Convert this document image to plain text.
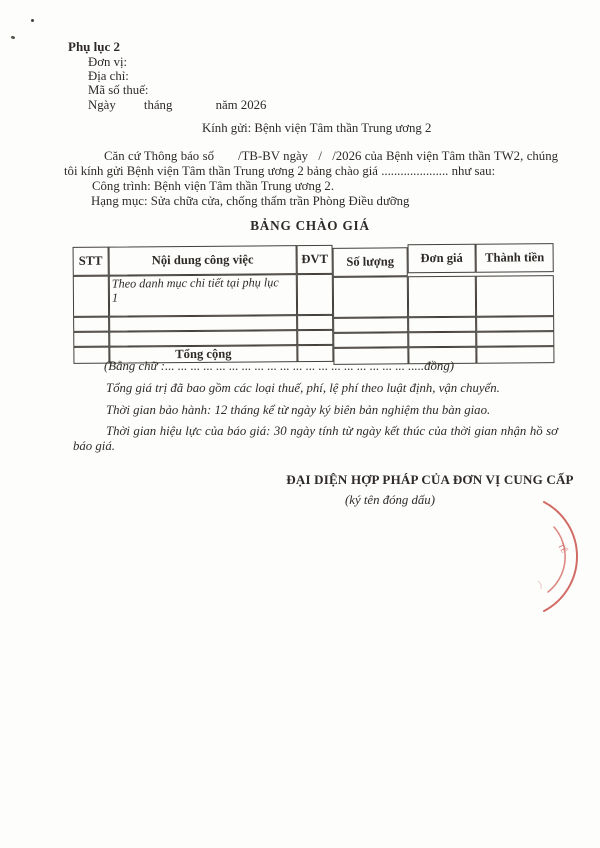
Phụ lục 2
Đơn vị:
Địa chỉ:
Mã số thuế:
Ngày tháng	năm 2026
Kính gửi: Bệnh viện Tâm thần Trung ương 2
Căn cứ Thông báo số       /TB-BV ngày   /   /2026 của Bệnh viện Tâm thần TW2, chúng
tôi kính gửi Bệnh viện Tâm thần Trung ương 2 bảng chào giá ..................... như sau:
Công trình: Bệnh viện Tâm thần Trung ương 2.
Hạng mục: Sửa chữa cửa, chống thấm trần Phòng Điều dưỡng
BẢNG CHÀO GIÁ
STT	Nội dung công việc	ĐVT	Số lượng	Đơn giá	Thành tiền
	Theo danh mục chi tiết tại phụ lục
1				

	Tổng cộng				
(Bằng chữ :... ... ... ... ... ... ... ... ... ... ... ... ... ... ... ... ... ... ... .....đồng)
Tổng giá trị đã bao gồm các loại thuế, phí, lệ phí theo luật định, vận chuyển.
Thời gian bảo hành: 12 tháng kể từ ngày ký biên bản nghiệm thu bàn giao.
Thời gian hiệu lực của báo giá: 30 ngày tính từ ngày kết thúc của thời gian nhận hồ sơ
báo giá.
ĐẠI DIỆN HỢP PHÁP CỦA ĐƠN VỊ CUNG CẤP
(ký tên đóng dấu)
TẾ
